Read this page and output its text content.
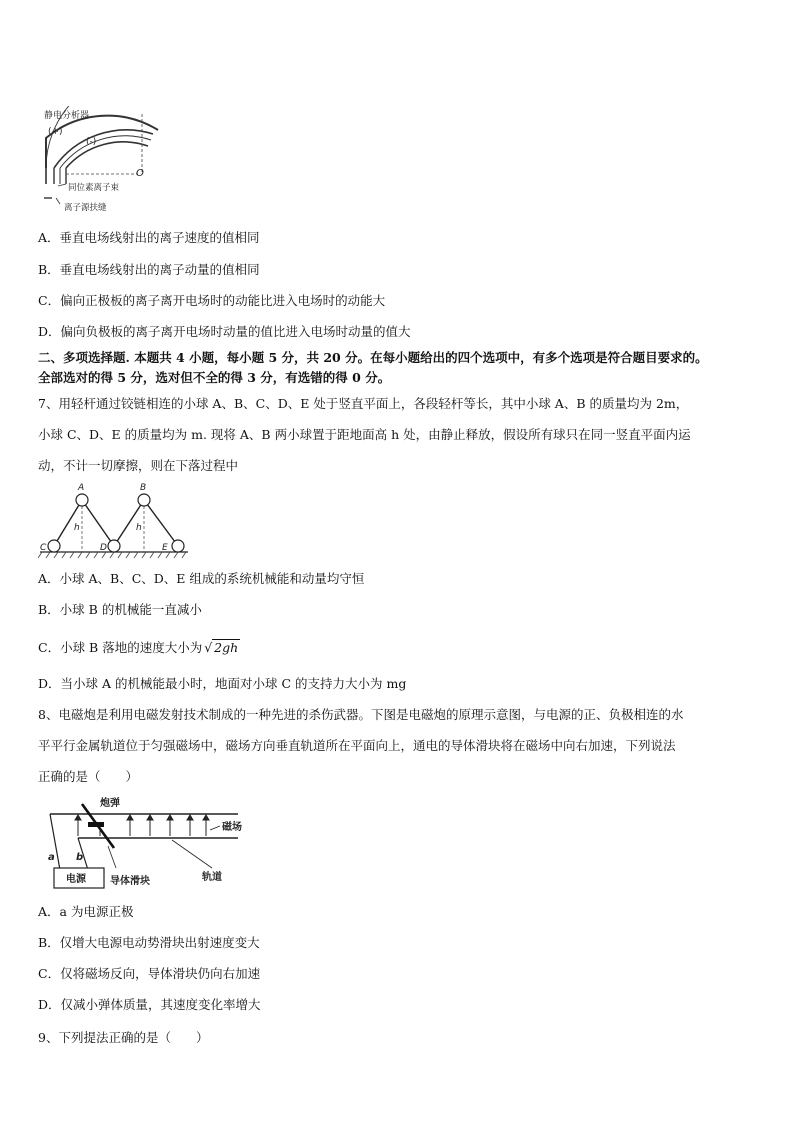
静电分析器
(+)
(-)
O
同位素离子束
离子源扶缝
A．垂直电场线射出的离子速度的值相同
B．垂直电场线射出的离子动量的值相同
C．偏向正极板的离子离开电场时的动能比进入电场时的动能大
D．偏向负极板的离子离开电场时动量的值比进入电场时动量的值大
二、多项选择题. 本题共 4 小题，每小题 5 分，共 20 分。在每小题给出的四个选项中，有多个选项是符合题目要求的。
全部选对的得 5 分，选对但不全的得 3 分，有选错的得 0 分。
7、用轻杆通过铰链相连的小球 A、B、C、D、E 处于竖直平面上，各段轻杆等长，其中小球 A、B 的质量均为 2m，
小球 C、D、E 的质量均为 m. 现将 A、B 两小球置于距地面高 h 处，由静止释放，假设所有球只在同一竖直平面内运
动，不计一切摩擦，则在下落过程中
A	B
C	D	E
h	h
A．小球 A、B、C、D、E 组成的系统机械能和动量均守恒
B．小球 B 的机械能一直减小
C．小球 B 落地的速度大小为 √ 2gh
D．当小球 A 的机械能最小时，地面对小球 C 的支持力大小为 mg
8、电磁炮是利用电磁发射技术制成的一种先进的杀伤武器。下图是电磁炮的原理示意图，与电源的正、负极相连的水
平平行金属轨道位于匀强磁场中，磁场方向垂直轨道所在平面向上，通电的导体滑块将在磁场中向右加速，下列说法
正确的是（　　）
炮弹
磁场
a b
电源 导体滑块	轨道
A．a 为电源正极
B．仅增大电源电动势滑块出射速度变大
C．仅将磁场反向，导体滑块仍向右加速
D．仅减小弹体质量，其速度变化率增大
9、下列提法正确的是（　　）
